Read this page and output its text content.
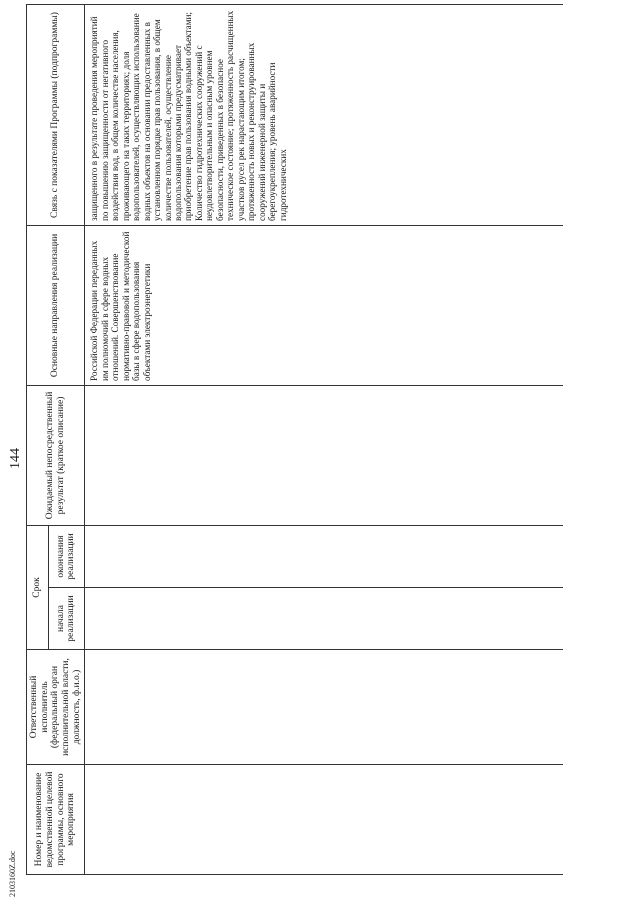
144
Номер и наименование ведомственной целевой программы, основного мероприятия	Ответственный исполнитель (федеральный орган исполнительной власти, должность, ф.и.о.)	Срок		Ожидаемый непосредственный результат (краткое описание)	Основные направления реализации	Связь с показателями Программы (подпрограммы)
		начала реализации	окончания реализации			

					Российской Федерации переданных им полномочий в сфере водных отношений. Совершенствование нормативно-правовой и методической базы в сфере водопользования объектами электроэнергетики	защищенного в результате проведения мероприятий по повышению защищенности от негативного воздействия вод, в общем количестве населения, проживающего на таких территориях; доля водопользователей, осуществляющих использование водных объектов на основании предоставленных в установленном порядке прав пользования, в общем количестве пользователей, осуществление водопользования которыми предусматривает приобретение прав пользования водными объектами; Количество гидротехнических сооружений с неудовлетворительным и опасным уровнем безопасности, приведенных в безопасное техническое состояние; протяженность расчищенных участков русел рек нарастающим итогом; протяженность новых и реконструированных сооружений инженерной защиты и берегоукрепления; уровень аварийности гидротехнических
2103160Z.doc
